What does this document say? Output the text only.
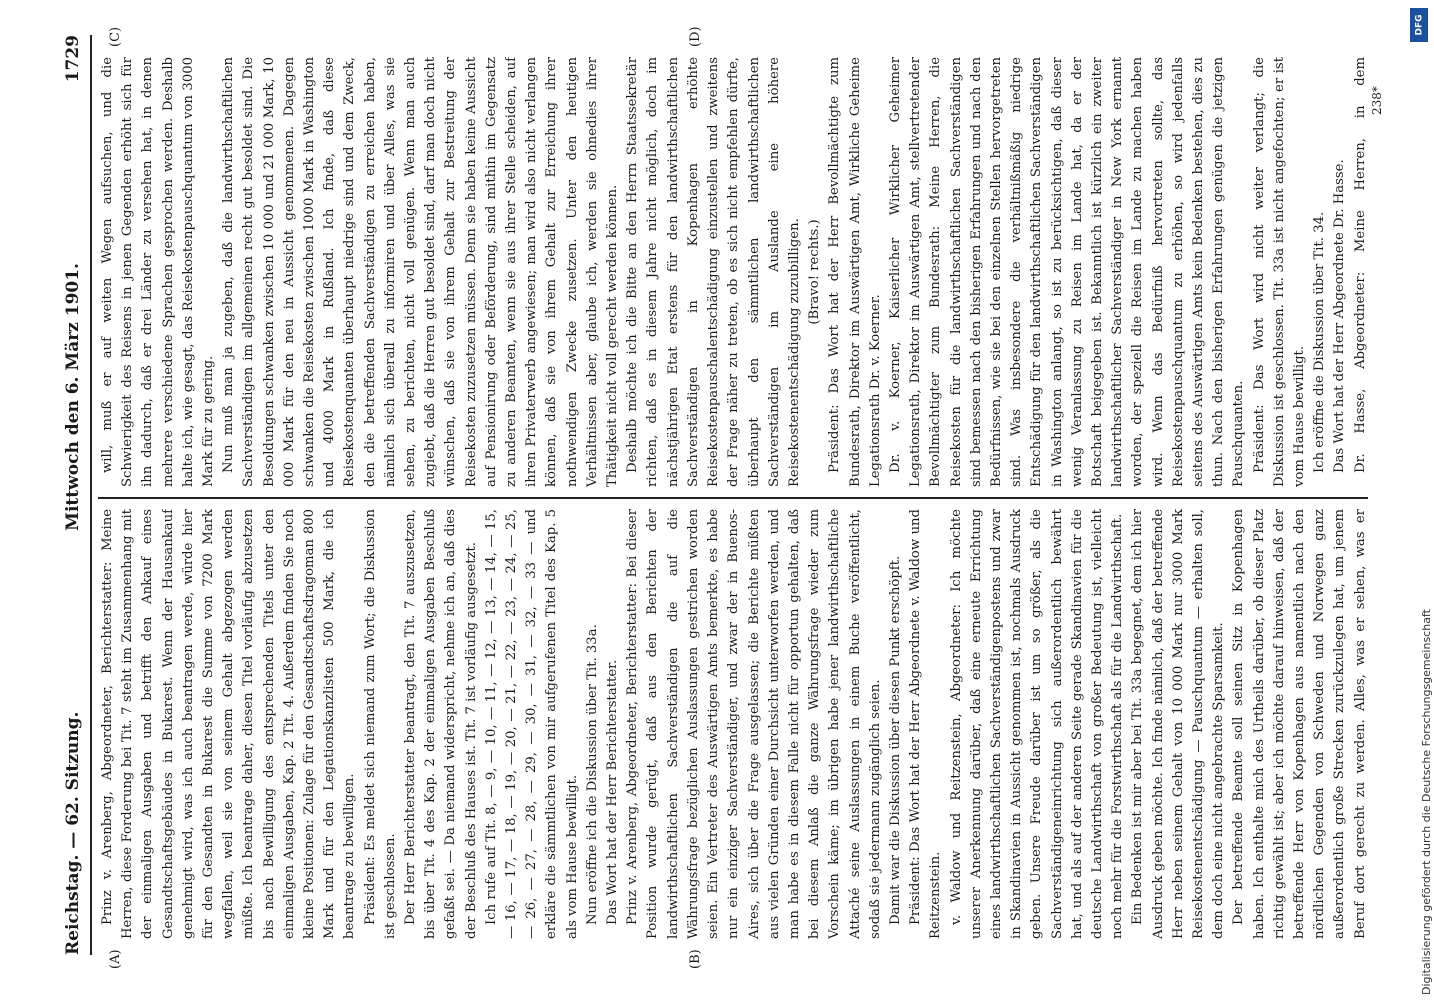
Reichstag. — 62. Sitzung.
Mittwoch den 6. März 1901.
1729
(A)	(B)
(C)	(D)

Prinz v. Arenberg, Abgeordneter, Berichterstatter: Meine Herren, diese Forderung bei Tit. 7 steht im Zusammenhang mit der einmaligen Ausgaben und betrifft den Ankauf eines Gesandtschaftsgebäudes in Bukarest. Wenn der Hausankauf genehmigt wird, was ich auch beantragen werde, würde hier für den Gesandten in Bukarest die Summe von 7200 Mark wegfallen, weil sie von seinem Gehalt abgezogen werden müßte. Ich beantrage daher, diesen Titel vorläufig abzusetzen bis nach Bewilligung des entsprechenden Titels unter den einmaligen Ausgaben, Kap. 2 Tit. 4. Außerdem finden Sie noch kleine Positionen: Zulage für den Gesandtschaftsdragoman 800 Mark und für den Legationskanzlisten 500 Mark, die ich beantrage zu bewilligen. Präsident: Es meldet sich niemand zum Wort; die Diskussion ist geschlossen. Der Herr Berichterstatter beantragt, den Tit. 7 auszusetzen, bis über Tit. 4 des Kap. 2 der einmaligen Ausgaben Beschluß gefaßt sei. — Da niemand widerspricht, nehme ich an, daß dies der Beschluß des Hauses ist. Tit. 7 ist vorläufig ausgesetzt. Ich rufe auf Tit. 8, — 9, — 10, — 11, — 12, — 13, — 14, — 15, — 16, — 17, — 18, — 19, — 20, — 21, — 22, — 23, — 24, — 25, — 26, — 27, — 28, — 29, — 30, — 31, — 32, — 33 — und erkläre die sämmtlichen von mir aufgerufenen Titel des Kap. 5 als vom Hause bewilligt. Nun eröffne ich die Diskussion über Tit. 33a. Das Wort hat der Herr Berichterstatter. Prinz v. Arenberg, Abgeordneter, Berichterstatter: Bei dieser Position wurde gerügt, daß aus den Berichten der landwirthschaftlichen Sachverständigen die auf die Währungsfrage bezüglichen Auslassungen gestrichen worden seien. Ein Vertreter des Auswärtigen Amts bemerkte, es habe nur ein einziger Sachverständiger, und zwar der in Buenos-Aires, sich über die Frage ausgelassen; die Berichte müßten aus vielen Gründen einer Durchsicht unterworfen werden, und man habe es in diesem Falle nicht für opportun gehalten, daß bei diesem Anlaß die ganze Währungsfrage wieder zum Vorschein käme; im übrigen habe jener landwirthschaftliche Attaché seine Auslassungen in einem Buche veröffentlicht, sodaß sie jedermann zugänglich seien. Damit war die Diskussion über diesen Punkt erschöpft. Präsident: Das Wort hat der Herr Abgeordnete v. Waldow und Reitzenstein. v. Waldow und Reitzenstein, Abgeordneter: Ich möchte unserer Anerkennung darüber, daß eine erneute Errichtung eines landwirthschaftlichen Sachverständigenpostens und zwar in Skandinavien in Aussicht genommen ist, nochmals Ausdruck geben. Unsere Freude darüber ist um so größer, als die Sachverständigeneinrichtung sich außerordentlich bewährt hat, und als auf der anderen Seite gerade Skandinavien für die deutsche Landwirthschaft von großer Bedeutung ist, vielleicht noch mehr für die Forstwirthschaft als für die Landwirthschaft. Ein Bedenken ist mir aber bei Tit. 33a begegnet, dem ich hier Ausdruck geben möchte. Ich finde nämlich, daß der betreffende Herr neben seinem Gehalt von 10 000 Mark nur 3000 Mark Reisekostenentschädigung — Pauschquantum — erhalten soll, dem doch eine nicht angebrachte Sparsamkeit. Der betreffende Beamte soll seinen Sitz in Kopenhagen haben. Ich enthalte mich des Urtheils darüber, ob dieser Platz richtig gewählt ist; aber ich möchte darauf hinweisen, daß der betreffende Herr von Kopenhagen aus namentlich nach den nördlichen Gegenden von Schweden und Norwegen ganz außerordentlich große Strecken zurückzulegen hat, um jenem Beruf dort gerecht zu werden. Alles, was er sehen, was er

will, muß er auf weiten Wegen aufsuchen, und die Schwierigkeit des Reisens in jenen Gegenden erhöht sich für ihn dadurch, daß er drei Länder zu versehen hat, in denen mehrere verschiedene Sprachen gesprochen werden. Deshalb halte ich, wie gesagt, das Reisekostenpauschquantum von 3000 Mark für zu gering. Nun muß man ja zugeben, daß die landwirthschaftlichen Sachverständigen im allgemeinen recht gut besoldet sind. Die Besoldungen schwanken zwischen 10 000 und 21 000 Mark, 10 000 Mark für den neu in Aussicht genommenen. Dagegen schwanken die Reisekosten zwischen 1000 Mark in Washington und 4000 Mark in Rußland. Ich finde, daß diese Reisekostenquanten überhaupt niedrige sind und dem Zweck, den die betreffenden Sachverständigen zu erreichen haben, nämlich sich überall zu informiren und über Alles, was sie sehen, zu berichten, nicht voll genügen. Wenn man auch zugiebt, daß die Herren gut besoldet sind, darf man doch nicht wünschen, daß sie von ihrem Gehalt zur Bestreitung der Reisekosten zuzusetzen müssen. Denn sie haben keine Aussicht auf Pensionirung oder Beförderung, sind mithin im Gegensatz zu anderen Beamten, wenn sie aus ihrer Stelle scheiden, auf ihren Privaterwerb angewiesen; man wird also nicht verlangen können, daß sie von ihrem Gehalt zur Erreichung ihrer nothwendigen Zwecke zusetzen. Unter den heutigen Verhältnissen aber, glaube ich, werden sie ohnedies ihrer Thätigkeit nicht voll gerecht werden können. Deshalb möchte ich die Bitte an den Herrn Staatssekretär richten, daß es in diesem Jahre nicht möglich, doch im nächstjährigen Etat erstens für den landwirthschaftlichen Sachverständigen in Kopenhagen erhöhte Reisekostenpauschalentschädigung einzustellen und zweitens der Frage näher zu treten, ob es sich nicht empfehlen dürfte, überhaupt den sämmtlichen landwirthschaftlichen Sachverständigen im Auslande eine höhere Reisekostenentschädigung zuzubilligen. (Bravo! rechts.) Präsident: Das Wort hat der Herr Bevollmächtigte zum Bundesrath, Direktor im Auswärtigen Amt, Wirkliche Geheime Legationsrath Dr. v. Koerner. Dr. v. Koerner, Kaiserlicher Wirklicher Geheimer Legationsrath, Direktor im Auswärtigen Amt, stellvertretender Bevollmächtigter zum Bundesrath: Meine Herren, die Reisekosten für die landwirthschaftlichen Sachverständigen sind bemessen nach den bisherigen Erfahrungen und nach den Bedürfnissen, wie sie bei den einzelnen Stellen hervorgetreten sind. Was insbesondere die verhältnißmäßig niedrige Entschädigung für den landwirthschaftlichen Sachverständigen in Washington anlangt, so ist zu berücksichtigen, daß dieser wenig Veranlassung zu Reisen im Lande hat, da er der Botschaft beigegeben ist. Bekanntlich ist kürzlich ein zweiter landwirthschaftlicher Sachverständiger in New York ernannt worden, der speziell die Reisen im Lande zu machen haben wird. Wenn das Bedürfniß hervortreten sollte, das Reisekostenpauschquantum zu erhöhen, so wird jedenfalls seitens des Auswärtigen Amts kein Bedenken bestehen, dies zu thun. Nach den bisherigen Erfahrungen genügen die jetzigen Pauschquanten. Präsident: Das Wort wird nicht weiter verlangt; die Diskussion ist geschlossen. Tit. 33a ist nicht angefochten; er ist vom Hause bewilligt. Ich eröffne die Diskussion über Tit. 34. Das Wort hat der Herr Abgeordnete Dr. Hasse. Dr. Hasse, Abgeordneter: Meine Herren, in dem

238*
Digitalisierung gefördert durch die Deutsche Forschungsgemeinschaft
DFG
